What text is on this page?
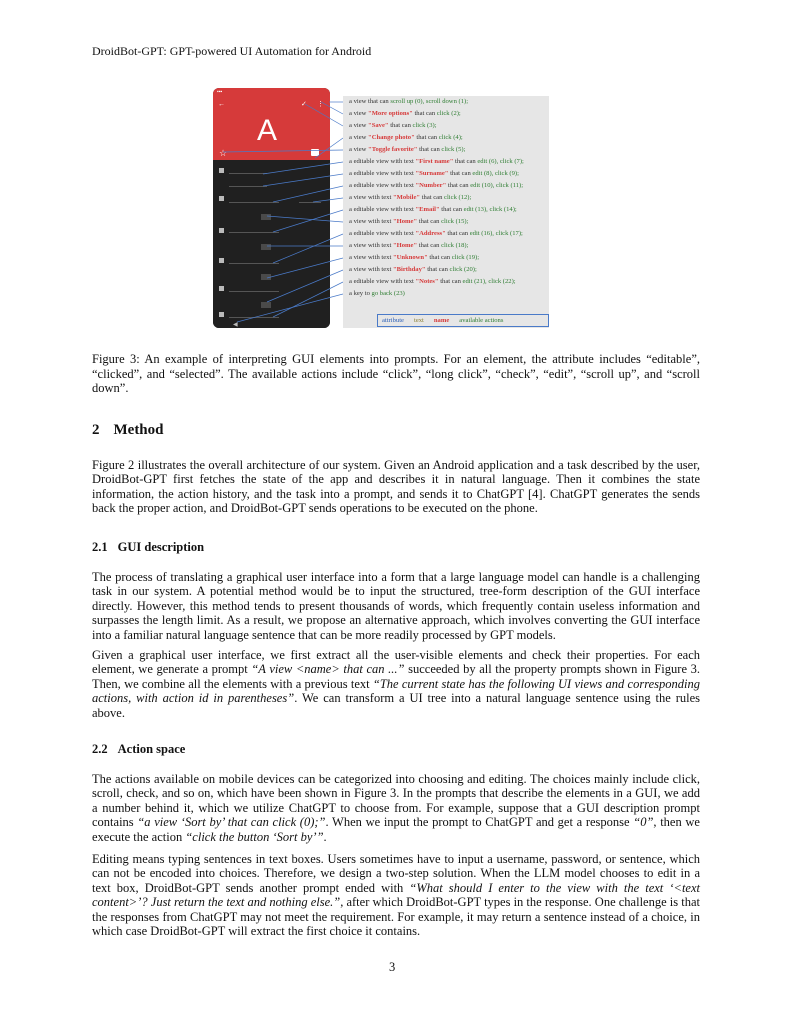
DroidBot-GPT: GPT-powered UI Automation for Android
▪▪▪
←	✓ ⋮
A
☆
◀
a view that can scroll up (0), scroll down (1);
a view "More options" that can click (2);
a view "Save" that can click (3);
a view "Change photo" that can click (4);
a view "Toggle favorite" that can click (5);
a editable view with text "First name" that can edit (6), click (7);
a editable view with text "Surname" that can edit (8), click (9);
a editable view with text "Number" that can edit (10), click (11);
a view with text "Mobile" that can click (12);
a editable view with text "Email" that can edit (13), click (14);
a view with text "Home" that can click (15);
a editable view with text "Address" that can edit (16), click (17);
a view with text "Home" that can click (18);
a view with text "Unknown" that can click (19);
a view with text "Birthday" that can click (20);
a editable view with text "Notes" that can edit (21), click (22);
a key to go back (23)
attribute text name available actions
Figure 3: An example of interpreting GUI elements into prompts. For an element, the attribute includes “editable”, “clicked”, and “selected”. The available actions include “click”, “long click”, “check”, “edit”, “scroll up”, and “scroll down”.
2 Method
Figure 2 illustrates the overall architecture of our system. Given an Android application and a task described by the user, DroidBot-GPT first fetches the state of the app and describes it in natural language. Then it combines the state information, the action history, and the task into a prompt, and sends it to ChatGPT [4]. ChatGPT generates the sends back the proper action, and DroidBot-GPT sends operations to be executed on the phone.
2.1 GUI description
The process of translating a graphical user interface into a form that a large language model can handle is a challenging task in our system. A potential method would be to input the structured, tree-form description of the GUI interface directly. However, this method tends to present thousands of words, which frequently contain useless information and surpasses the length limit. As a result, we propose an alternative approach, which involves converting the GUI interface into a familiar natural language sentence that can be more readily processed by GPT models.
Given a graphical user interface, we first extract all the user-visible elements and check their properties. For each element, we generate a prompt “A view <name> that can ...” succeeded by all the property prompts shown in Figure 3. Then, we combine all the elements with a previous text “The current state has the following UI views and corresponding actions, with action id in parentheses”. We can transform a UI tree into a natural language sentence using the rules above.
2.2 Action space
The actions available on mobile devices can be categorized into choosing and editing. The choices mainly include click, scroll, check, and so on, which have been shown in Figure 3. In the prompts that describe the elements in a GUI, we add a number behind it, which we utilize ChatGPT to choose from. For example, suppose that a GUI description prompt contains “a view ‘Sort by’ that can click (0);”. When we input the prompt to ChatGPT and get a response “0”, then we execute the action “click the button ‘Sort by’”.
Editing means typing sentences in text boxes. Users sometimes have to input a username, password, or sentence, which can not be encoded into choices. Therefore, we design a two-step solution. When the LLM model chooses to edit in a text box, DroidBot-GPT sends another prompt ended with “What should I enter to the view with the text ‘<text content>’? Just return the text and nothing else.”, after which DroidBot-GPT types in the response. One challenge is that the responses from ChatGPT may not meet the requirement. For example, it may return a sentence instead of a choice, in which case DroidBot-GPT will extract the first choice it contains.
3
